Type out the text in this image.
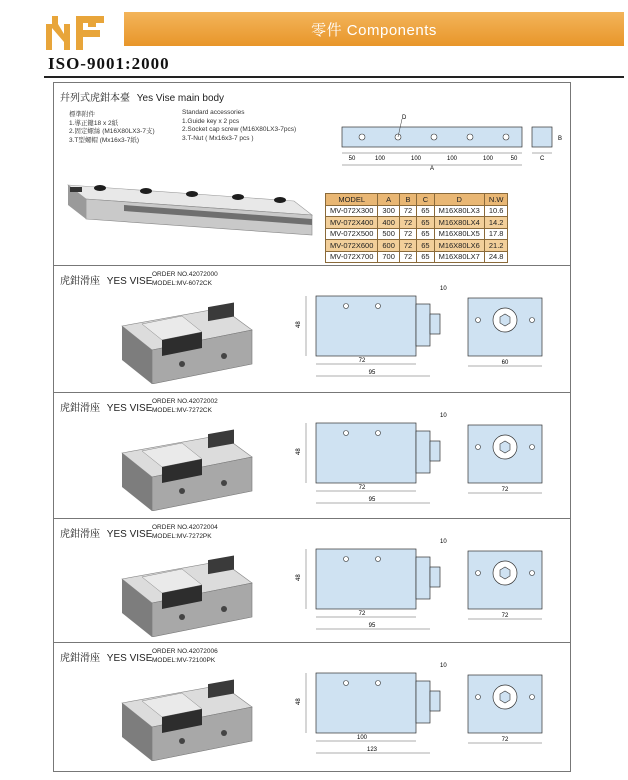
零件 Components
ISO-9001:2000
幷列式虎鉗本臺 Yes Vise main body
標準附件
1.導正鍵18 x 2紙
2.固定螺絲 (M16X80LX3-7支)
3.T型螺帽 (Mx16x3-7紙)
Standard accessories
1.Guide key x 2 pcs
2.Socket cap screw (M16X80LX3-7pcs)
3.T-Nut ( Mx16x3-7 pcs )
D
50	100	100	100	100	50
A
B
C
MODEL	A	B	C	D	N.W
MV-072X300	300	72	65	M16X80LX3	10.6
MV-072X400	400	72	65	M16X80LX4	14.2
MV-072X500	500	72	65	M16X80LX5	17.8
MV-072X600	600	72	65	M16X80LX6	21.2
MV-072X700	700	72	65	M16X80LX7	24.8
虎鉗滑座 YES VISE
ORDER NO.42072000
MODEL:MV-6072CK
48
72
95
10
60
虎鉗滑座 YES VISE
ORDER NO.42072002
MODEL:MV-7272CK
48
72
95
10
72
虎鉗滑座 YES VISE
ORDER NO.42072004
MODEL:MV-7272PK
48
72
95
10
72
虎鉗滑座 YES VISE
ORDER NO.42072006
MODEL:MV-72100PK
48
100
123
10
72
